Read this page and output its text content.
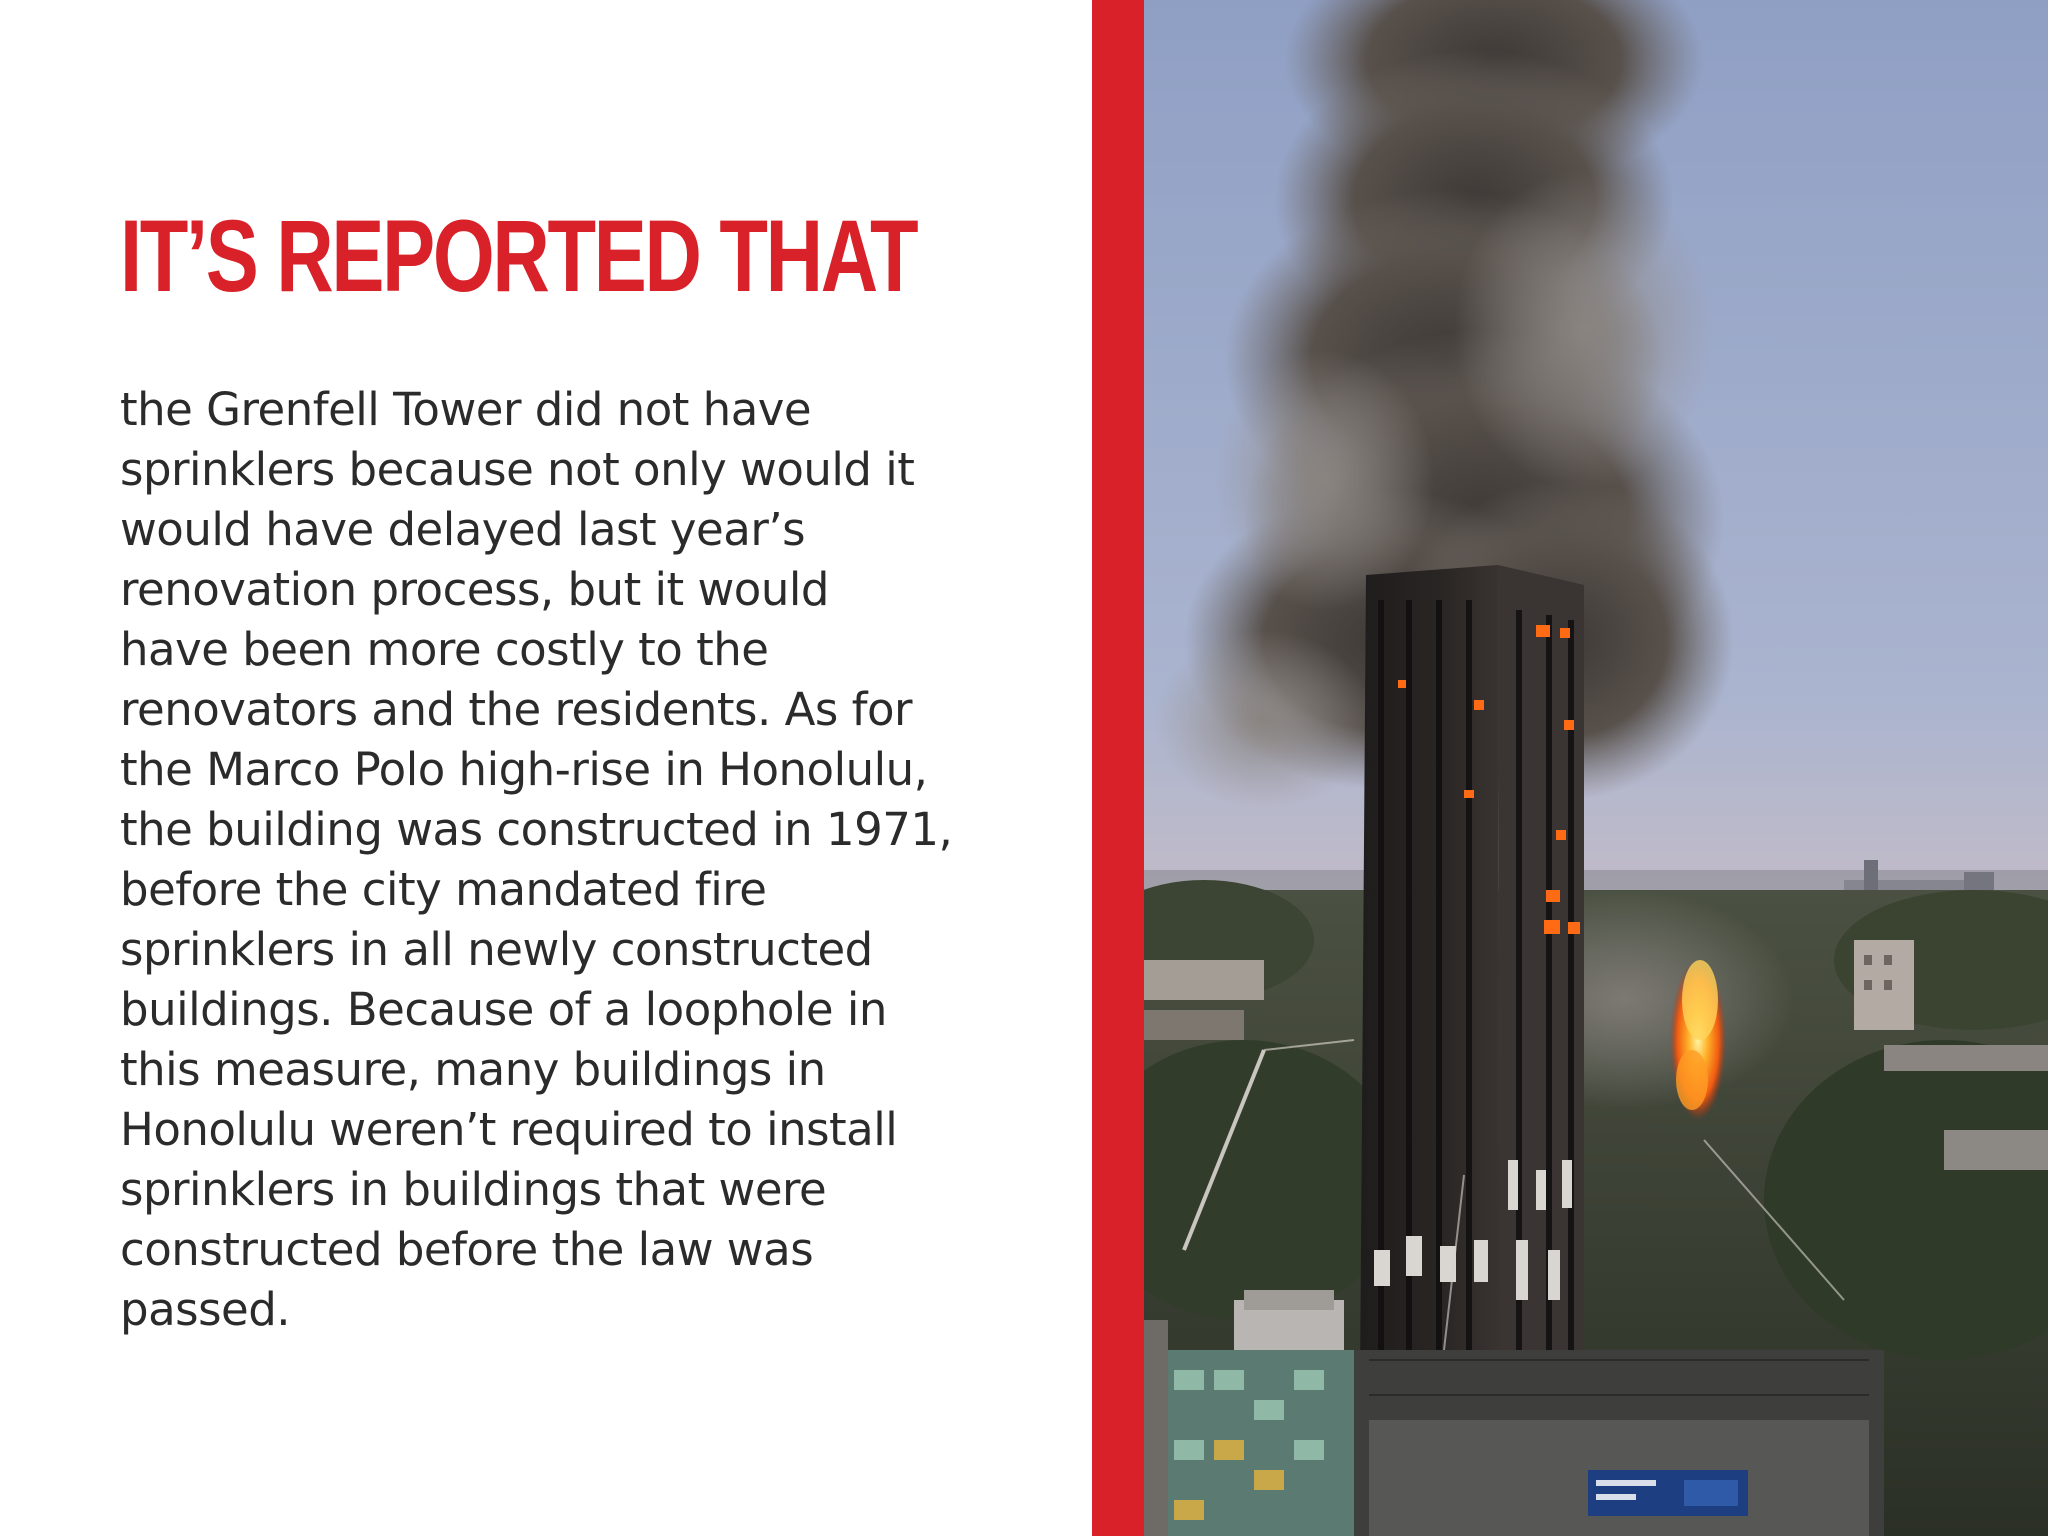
IT’S REPORTED THAT

the Grenfell Tower did not have
sprinklers because not only would it
would have delayed last year’s
renovation process, but it would
have been more costly to the
renovators and the residents. As for
the Marco Polo high-rise in Honolulu,
the building was constructed in 1971,
before the city mandated fire
sprinklers in all newly constructed
buildings. Because of a loophole in
this measure, many buildings in
Honolulu weren’t required to install
sprinklers in buildings that were
constructed before the law was
passed.
